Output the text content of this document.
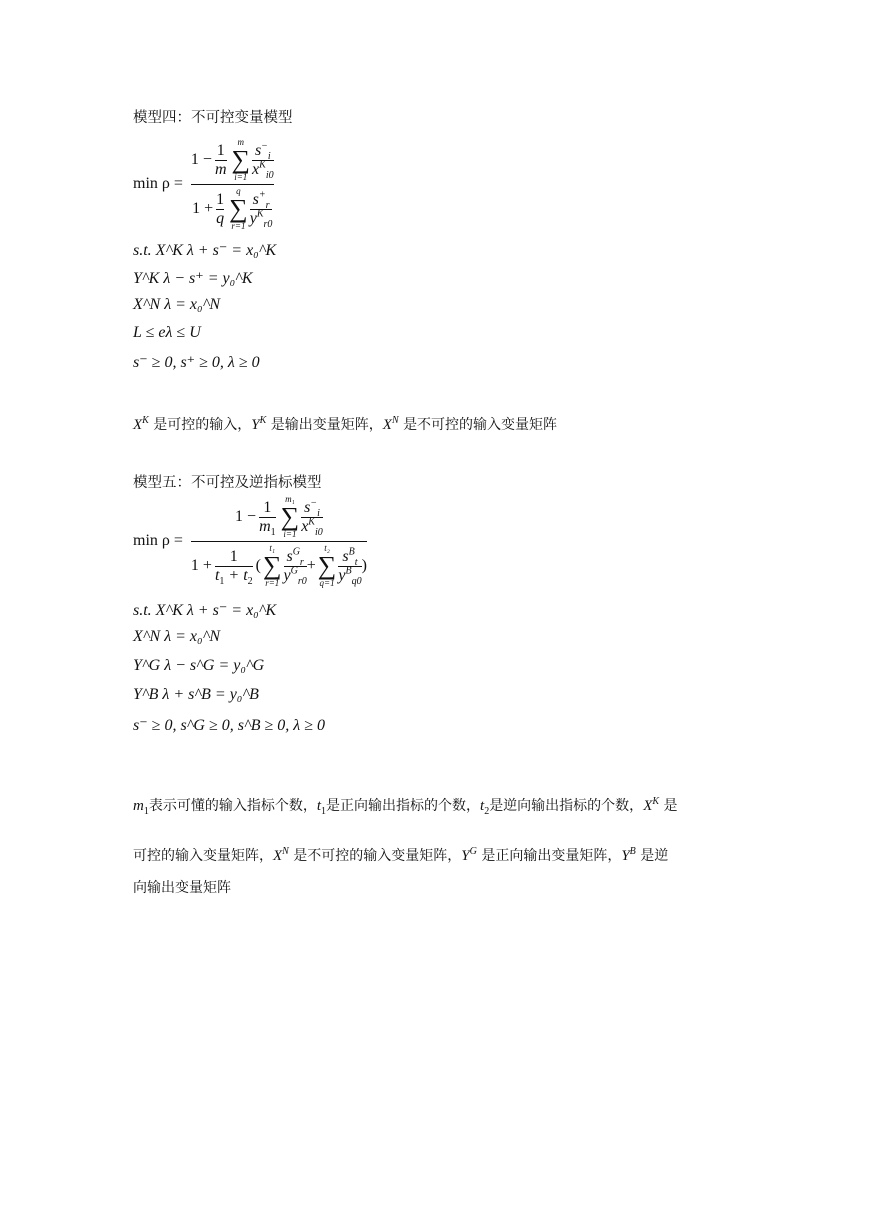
模型四：不可控变量模型
$\min \rho = 1 - \frac{1}{m}$ m
∑
$i=1 \frac{s^-_i}{x^K_{i0}}$
$1 + \frac{1}{q}$ q
∑
$r=1 \frac{s^+_r}{y^K_{r0}}$
s.t. X^K λ + s⁻ = x₀^K
Y^K λ − s⁺ = y₀^K
X^N λ = x₀^N
L ≤ eλ ≤ U
s⁻ ≥ 0, s⁺ ≥ 0, λ ≥ 0
$X^K$ 是可控的输入，$Y^K$ 是输出变量矩阵，$X^N$ 是不可控的输入变量矩阵
模型五：不可控及逆指标模型
min ρ =
$1 - \frac{1}{m_1} m_1$
∑
$i=1 \frac{s^-_i}{x^K_{i0}}$
$1 + \frac{1}{t_1 + t_2}$ (
t₁
∑
$r=1 \frac{s^G_r}{y^G_{r0}}$ +
t₂
∑
$q=1 \frac{s^B_t}{y^B_{q0}}$ )
s.t. X^K λ + s⁻ = x₀^K
X^N λ = x₀^N
Y^G λ − s^G = y₀^G
Y^B λ + s^B = y₀^B
s⁻ ≥ 0, s^G ≥ 0, s^B ≥ 0, λ ≥ 0
$m_1$表示可懂的输入指标个数，$t_1$是正向输出指标的个数，$t_2$是逆向输出指标的个数，$X^K$ 是
可控的输入变量矩阵，$X^N$ 是不可控的输入变量矩阵，$Y^G$ 是正向输出变量矩阵，$Y^B$ 是逆
向输出变量矩阵
